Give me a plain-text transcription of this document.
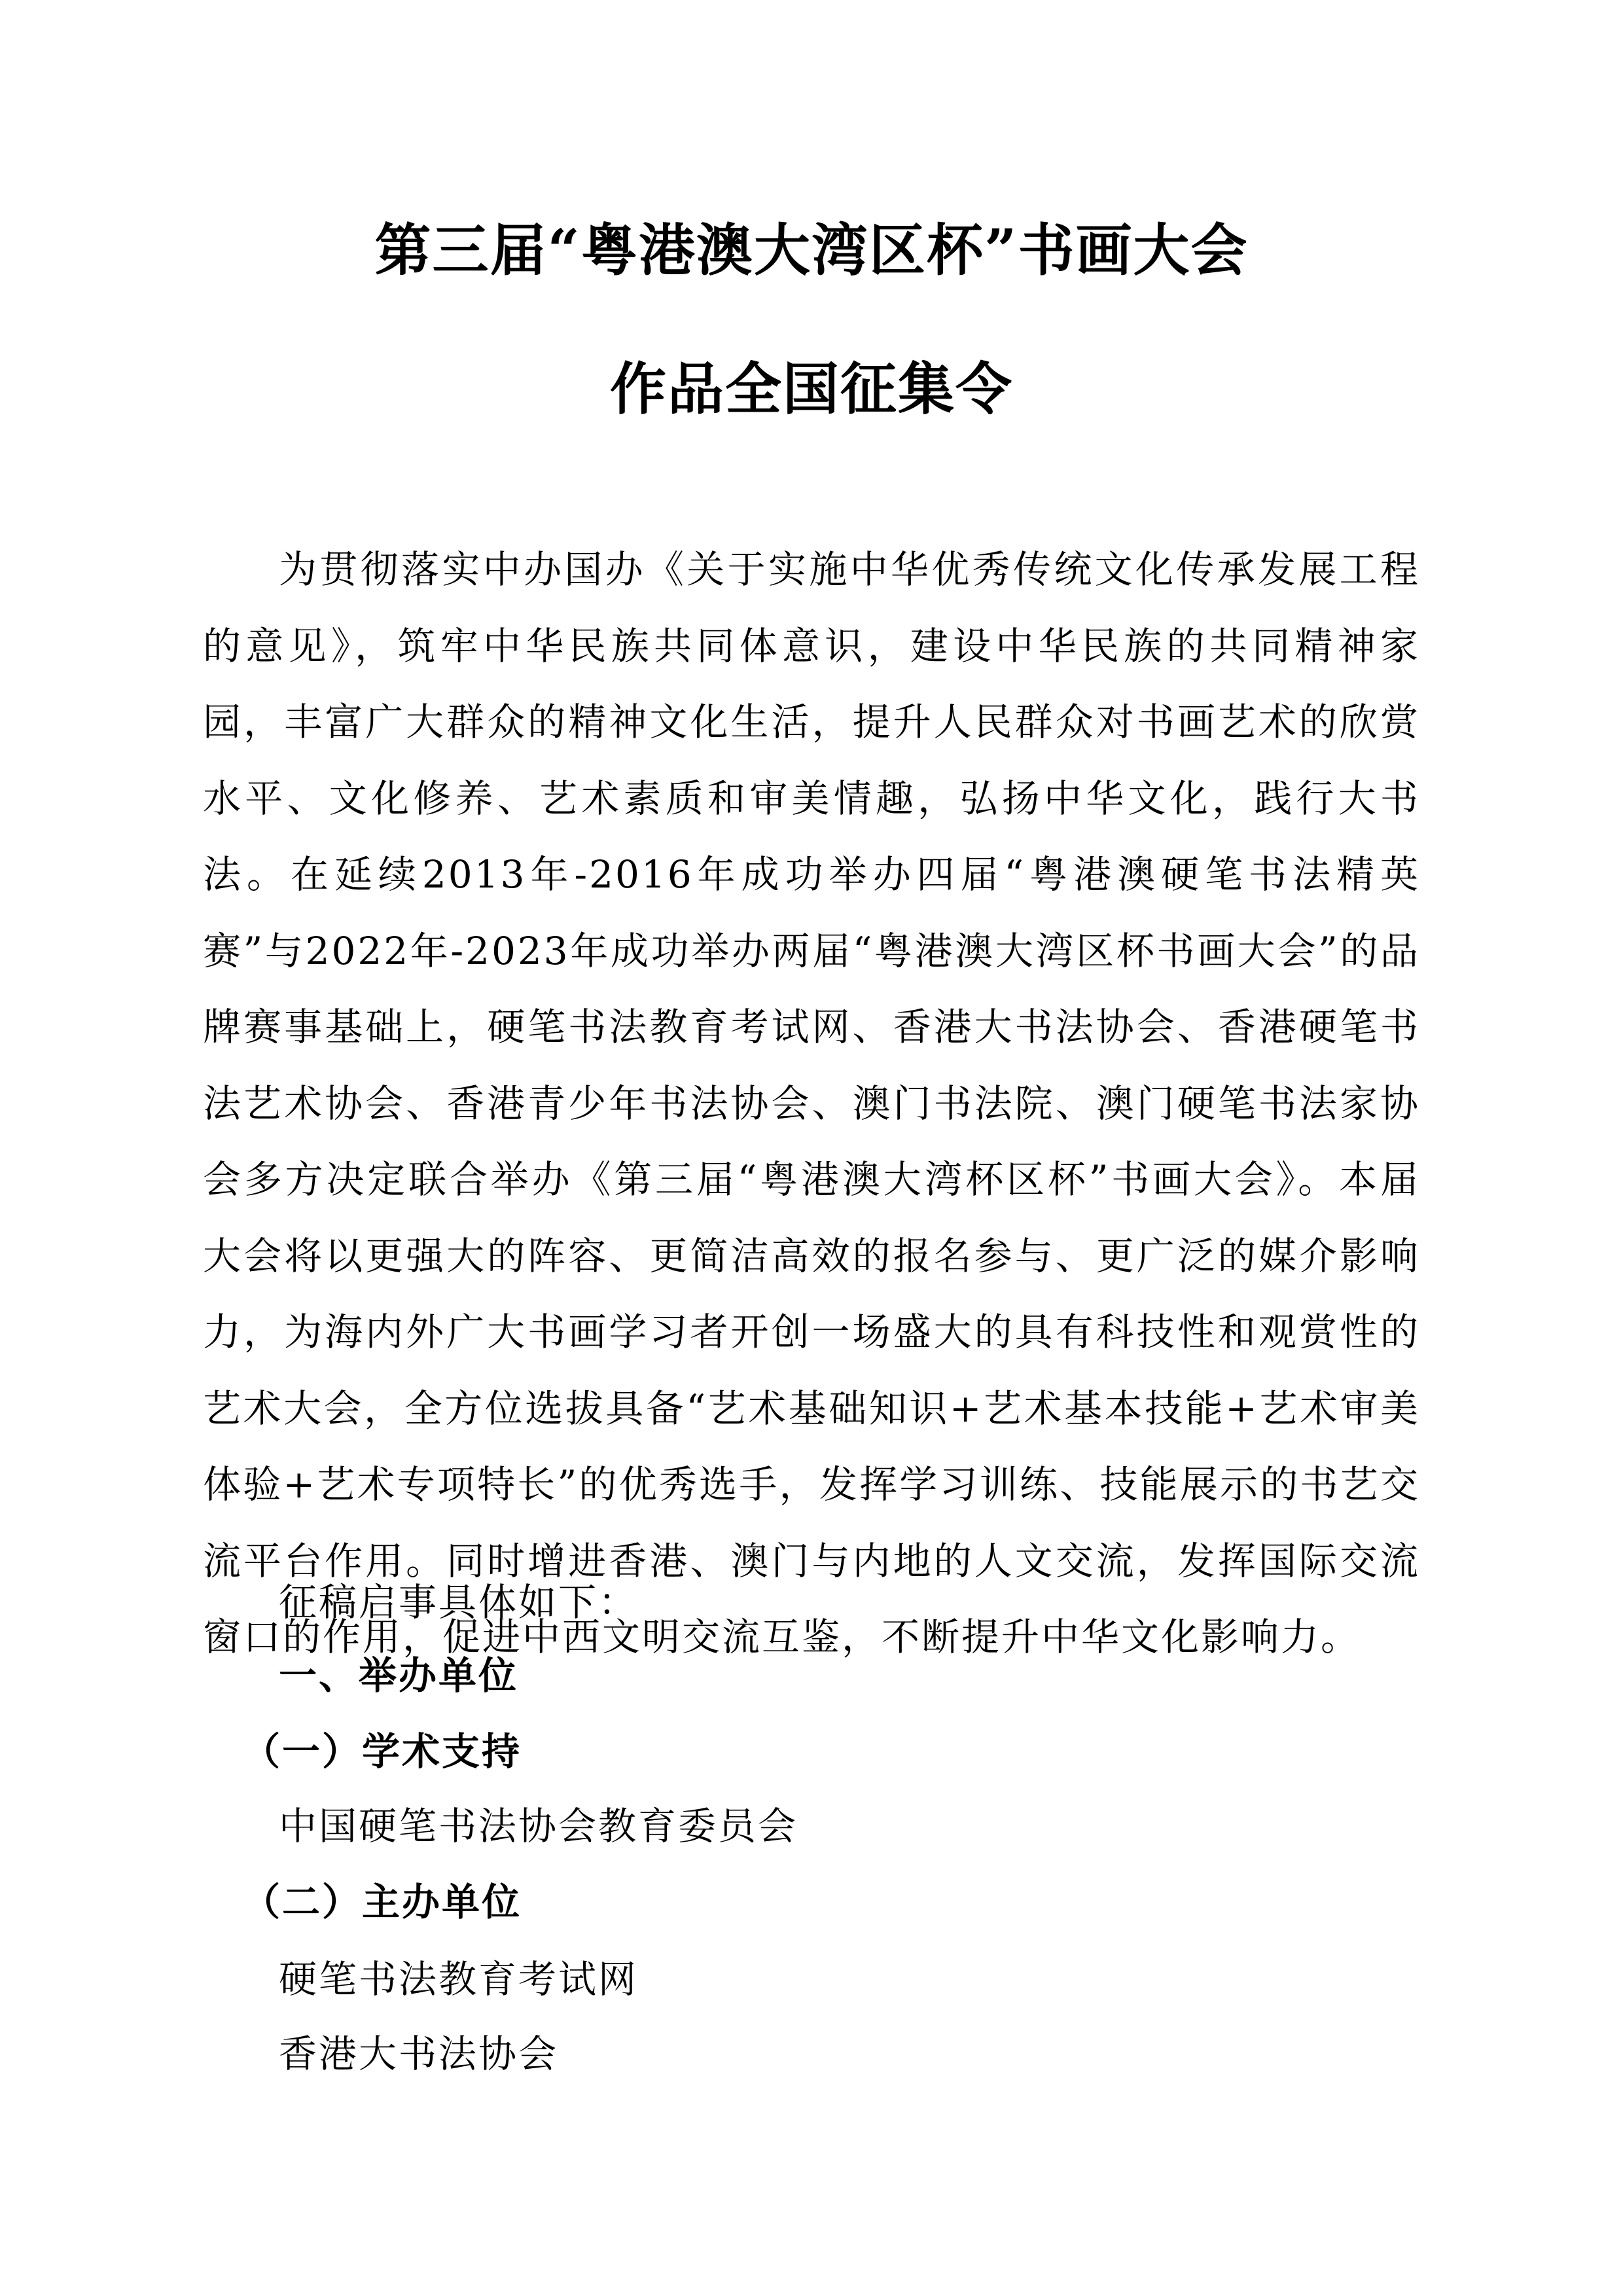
第三届“粤港澳大湾区杯”书画大会
作品全国征集令

为贯彻落实中办国办《关于实施中华优秀传统文化传承发展工程的意见》，筑牢中华民族共同体意识，建设中华民族的共同精神家园，丰富广大群众的精神文化生活，提升人民群众对书画艺术的欣赏水平、文化修养、艺术素质和审美情趣，弘扬中华文化，践行大书法。在延续2013年-2016年成功举办四届“粤港澳硬笔书法精英赛”与2022年-2023年成功举办两届“粤港澳大湾区杯书画大会”的品牌赛事基础上，硬笔书法教育考试网、香港大书法协会、香港硬笔书法艺术协会、香港青少年书法协会、澳门书法院、澳门硬笔书法家协会多方决定联合举办《第三届“粤港澳大湾杯区杯”书画大会》。本届大会将以更强大的阵容、更简洁高效的报名参与、更广泛的媒介影响力，为海内外广大书画学习者开创一场盛大的具有科技性和观赏性的艺术大会，全方位选拔具备“艺术基础知识+艺术基本技能+艺术审美体验+艺术专项特长”的优秀选手，发挥学习训练、技能展示的书艺交流平台作用。同时增进香港、澳门与内地的人文交流，发挥国际交流窗口的作用，促进中西文明交流互鉴，不断提升中华文化影响力。

征稿启事具体如下：
一、举办单位
（一）学术支持
中国硬笔书法协会教育委员会
（二）主办单位
硬笔书法教育考试网
香港大书法协会
